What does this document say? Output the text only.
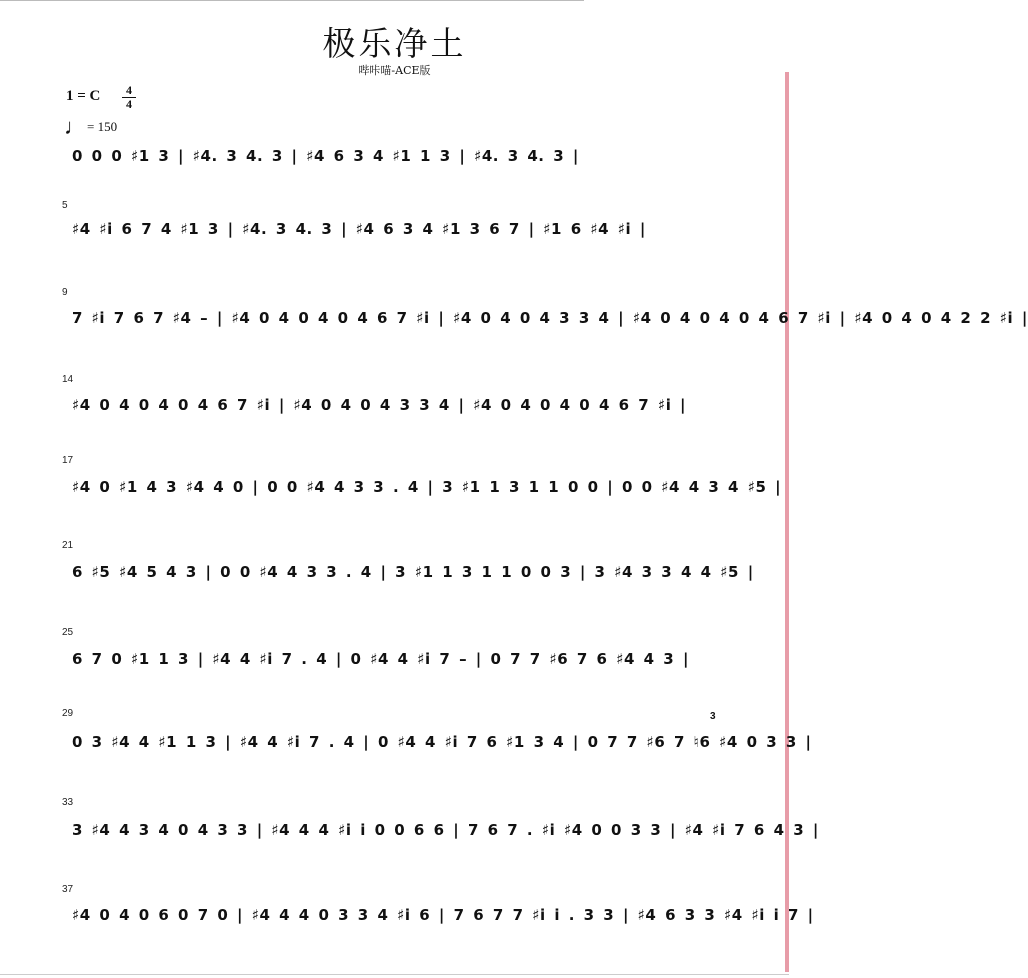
极乐净土
哔咔喵-ACE版
1 = C	4
4
♩= 150
0 0 0 ♯1 3 | ♯4. 3 4. 3 | ♯4 6 3 4 ♯1 1 3 | ♯4. 3 4. 3 |
5
♯4 ♯i 6 7 4 ♯1 3 | ♯4. 3 4. 3 | ♯4 6 3 4 ♯1 3 6 7 | ♯1 6 ♯4 ♯i |
9
7 ♯i 7 6 7 ♯4 – | ♯4 0 4 0 4 0 4 6 7 ♯i | ♯4 0 4 0 4 3 3 4 | ♯4 0 4 0 4 0 4 6 7 ♯i | ♯4 0 4 0 4 2 2 ♯i |
14
♯4 0 4 0 4 0 4 6 7 ♯i | ♯4 0 4 0 4 3 3 4 | ♯4 0 4 0 4 0 4 6 7 ♯i |
17
♯4 0 ♯1 4 3 ♯4 4 0 | 0 0 ♯4 4 3 3 . 4 | 3 ♯1 1 3 1 1 0 0 | 0 0 ♯4 4 3 4 ♯5 |
21
6 ♯5 ♯4 5 4 3 | 0 0 ♯4 4 3 3 . 4 | 3 ♯1 1 3 1 1 0 0 3 | 3 ♯4 3 3 4 4 ♯5 |
25
6 7 0 ♯1 1 3 | ♯4 4 ♯i 7 . 4 | 0 ♯4 4 ♯i 7 – | 0 7 7 ♯6 7 6 ♯4 4 3 |
29
0 3 ♯4 4 ♯1 1 3 | ♯4 4 ♯i 7 . 4 | 0 ♯4 4 ♯i 7 6 ♯1 3 4 | 0 7 7 ♯6 7 ♮6 ♯4 0 3 3 |
3
33
3 ♯4 4 3 4 0 4 3 3 | ♯4 4 4 ♯i i 0 0 6 6 | 7 6 7 . ♯i ♯4 0 0 3 3 | ♯4 ♯i 7 6 4 3 |
37
♯4 0 4 0 6 0 7 0 | ♯4 4 4 0 3 3 4 ♯i 6 | 7 6 7 7 ♯i i . 3 3 | ♯4 6 3 3 ♯4 ♯i i 7 |
